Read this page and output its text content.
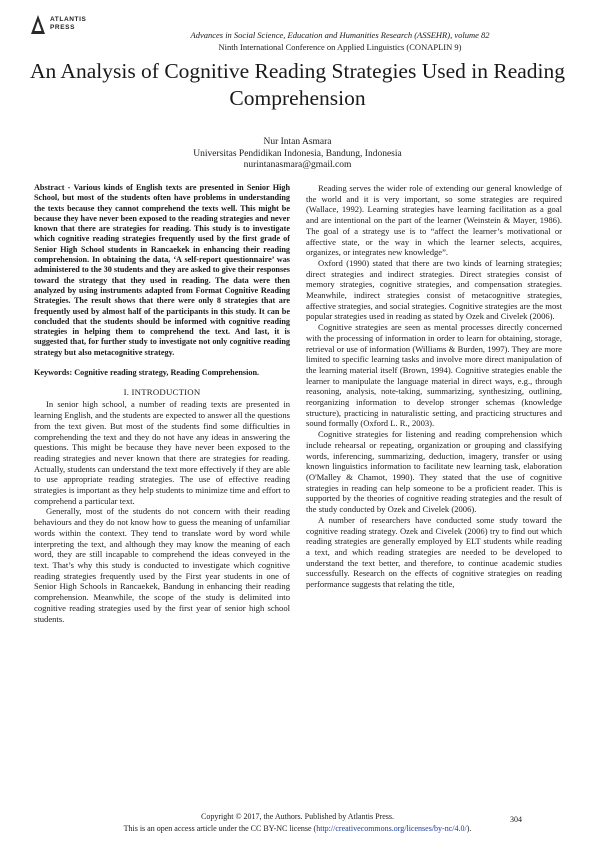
ATLANTIS
PRESS
Advances in Social Science, Education and Humanities Research (ASSEHR), volume 82
Ninth International Conference on Applied Linguistics (CONAPLIN 9)
An Analysis of Cognitive Reading Strategies Used in Reading Comprehension
Nur Intan Asmara
Universitas Pendidikan Indonesia, Bandung, Indonesia
nurintanasmara@gmail.com

Abstract - Various kinds of English texts are presented in Senior High School, but most of the students often have problems in understanding the texts because they cannot comprehend the texts well. This might be because they have never been exposed to the reading strategies and never known that there are strategies for reading. This study is to investigate which cognitive reading strategies frequently used by the first grade of Senior High School students in Rancaekek in enhancing their reading comprehension. In obtaining the data, ‘A self-report questionnaire’ was administered to the 30 students and they are asked to give their responses toward the strategy that they used in reading. The data were then analyzed by using instruments adapted from Format Cognitive Reading Strategies. The result shows that there were only 8 strategies that are frequently used by almost half of the participants in this study. It can be concluded that the students should be informed with cognitive reading strategies in helping them to comprehend the text. And last, it is suggested that, for further study to investigate not only cognitive reading strategy but also metacognitive strategy.

Keywords: Cognitive reading strategy, Reading Comprehension.

I. INTRODUCTION

In senior high school, a number of reading texts are presented in learning English, and the students are expected to answer all the questions from the text given. But most of the students find some difficulties in comprehending the text and they do not have any ideas in answering the questions. This might be because they have never been exposed to the reading strategies and never known that there are strategies for reading. Actually, students can understand the text more effectively if they are able to use appropriate reading strategies. The use of effective reading strategies is important as they help students to minimize time and effort to comprehend a particular text.

Generally, most of the students do not concern with their reading behaviours and they do not know how to guess the meaning of unfamiliar words within the context. They tend to translate word by word while interpreting the text, and although they may know the meaning of each word, they are still incapable to comprehend the ideas conveyed in the text. That’s why this study is conducted to investigate which cognitive reading strategies frequently used by the First year students in one of Senior High Schools in Rancaekek, Bandung in enhancing their reading comprehension. Meanwhile, the scope of the study is delimited into cognitive reading strategies used by the first year of senior high school students.

Reading serves the wider role of extending our general knowledge of the world and it is very important, so some strategies are required (Wallace, 1992). Learning strategies have learning facilitation as a goal and are intentional on the part of the learner (Weinstein & Mayer, 1986). The goal of a strategy use is to “affect the learner’s motivational or affective state, or the way in which the learner selects, acquires, organizes, or integrates new knowledge”.

Oxford (1990) stated that there are two kinds of learning strategies; direct strategies and indirect strategies. Direct strategies consist of memory strategies, cognitive strategies, and compensation strategies. Meanwhile, indirect strategies consist of metacognitive strategies, affective strategies, and social strategies. Cognitive strategies are the most popular strategies used in reading as stated by Ozek and Civelek (2006).

Cognitive strategies are seen as mental processes directly concerned with the processing of information in order to learn for obtaining, storage, retrieval or use of information (Williams & Burden, 1997). They are more limited to specific learning tasks and involve more direct manipulation of the learning material itself (Brown, 1994). Cognitive strategies enable the learner to manipulate the language material in direct ways, e.g., through reasoning, analysis, note-taking, summarizing, synthesizing, outlining, reorganizing information to develop stronger schemas (knowledge structure), practicing in naturalistic setting, and practicing structures and sound formally (Oxford L. R., 2003).

Cognitive strategies for listening and reading comprehension which include rehearsal or repeating, organization or grouping and classifying words, inferencing, summarizing, deduction, imagery, transfer or using known linguistics information to facilitate new learning task, elaboration (O'Malley & Chamot, 1990). They stated that the use of cognitive strategies in reading can help someone to be a proficient reader. This is supported by the theories of cognitive reading strategies and the result of the study conducted by Ozek and Civelek (2006).

A number of researchers have conducted some study toward the cognitive reading strategy. Ozek and Civelek (2006) try to find out which reading strategies are generally employed by ELT students while reading a text, and which reading strategies are needed to be developed to understand the text better, and therefore, to continue academic studies successfully. Research on the effects of cognitive strategies on reading performance suggests that relating the title,

Copyright © 2017, the Authors. Published by Atlantis Press.	304
This is an open access article under the CC BY-NC license (http://creativecommons.org/licenses/by-nc/4.0/).
